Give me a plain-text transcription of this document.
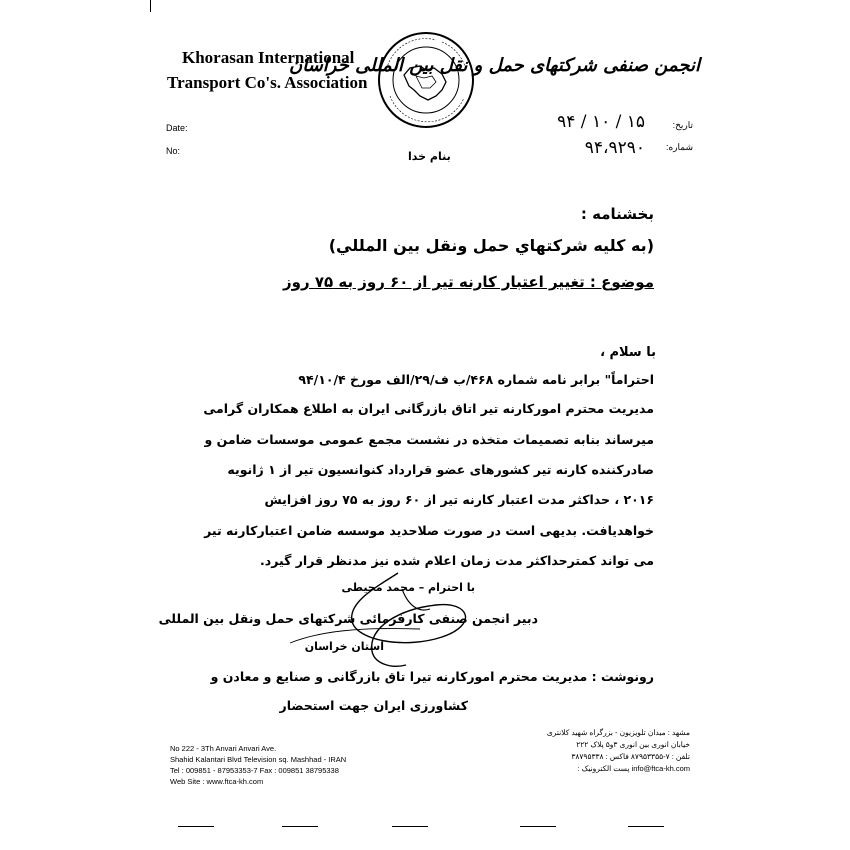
Khorasan International
Transport Co's. Association
انجمن صنفی شرکتهای حمل و نقل بین المللی خراسان
Date:
No:
تاریخ:
شماره:
۹۴ / ۱۰ / ۱۵
۹۴،۹۲۹۰
بنام خدا
بخشنامه :
(به کلیه شرکتهاي حمل ونقل بين المللي)
موضوع : تغییر اعتبار کارنه تیر از ۶۰ روز به ۷۵ روز
با سلام ،
احتراماً" برابر نامه شماره ۴۶۸/ب ف/۲۹/الف مورخ ۹۴/۱۰/۴
مدیریت محترم امورکارنه تیر اتاق بازرگانی ایران به اطلاع همکاران گرامی
میرساند بنابه تصمیمات متخذه در نشست مجمع عمومی موسسات ضامن و
صادرکننده کارنه تیر کشورهای عضو قرارداد کنوانسیون تیر از ۱ ژانویه
۲۰۱۶ ، حداکثر مدت اعتبار کارنه تیر از ۶۰ روز به ۷۵ روز افزایش
خواهدیافت. بدیهی است در صورت صلاحدید موسسه ضامن اعتبارکارنه تیر
می تواند کمترحداکثر مدت زمان اعلام شده نیز مدنظر قرار گیرد.
با احترام – محمد محیطی
دبیر انجمن صنفی کارفرمائی شرکتهای حمل ونقل بین المللی
استان خراسان
رونوشت : مدیریت محترم امورکارنه تیرا تاق بازرگانی و صنایع و معادن و
کشاورزی ایران جهت استحضار
No 222 - 3Th Anvari Anvari Ave.
Shahid Kalantari Blvd Television sq. Mashhad - IRAN
Tel : 009851 - 87953353-7 Fax : 009851 38795338
Web Site : www.ftca-kh.com
مشهد : میدان تلویزیون - بزرگراه شهید کلانتری
خیابان انوری بین انوری ۳و۵ پلاک ۲۲۲
تلفن : ۷-۸۷۹۵۳۳۵۵ فاکس : ۳۸۷۹۵۳۳۸
info@ftca-kh.com پست الکترونیک :
